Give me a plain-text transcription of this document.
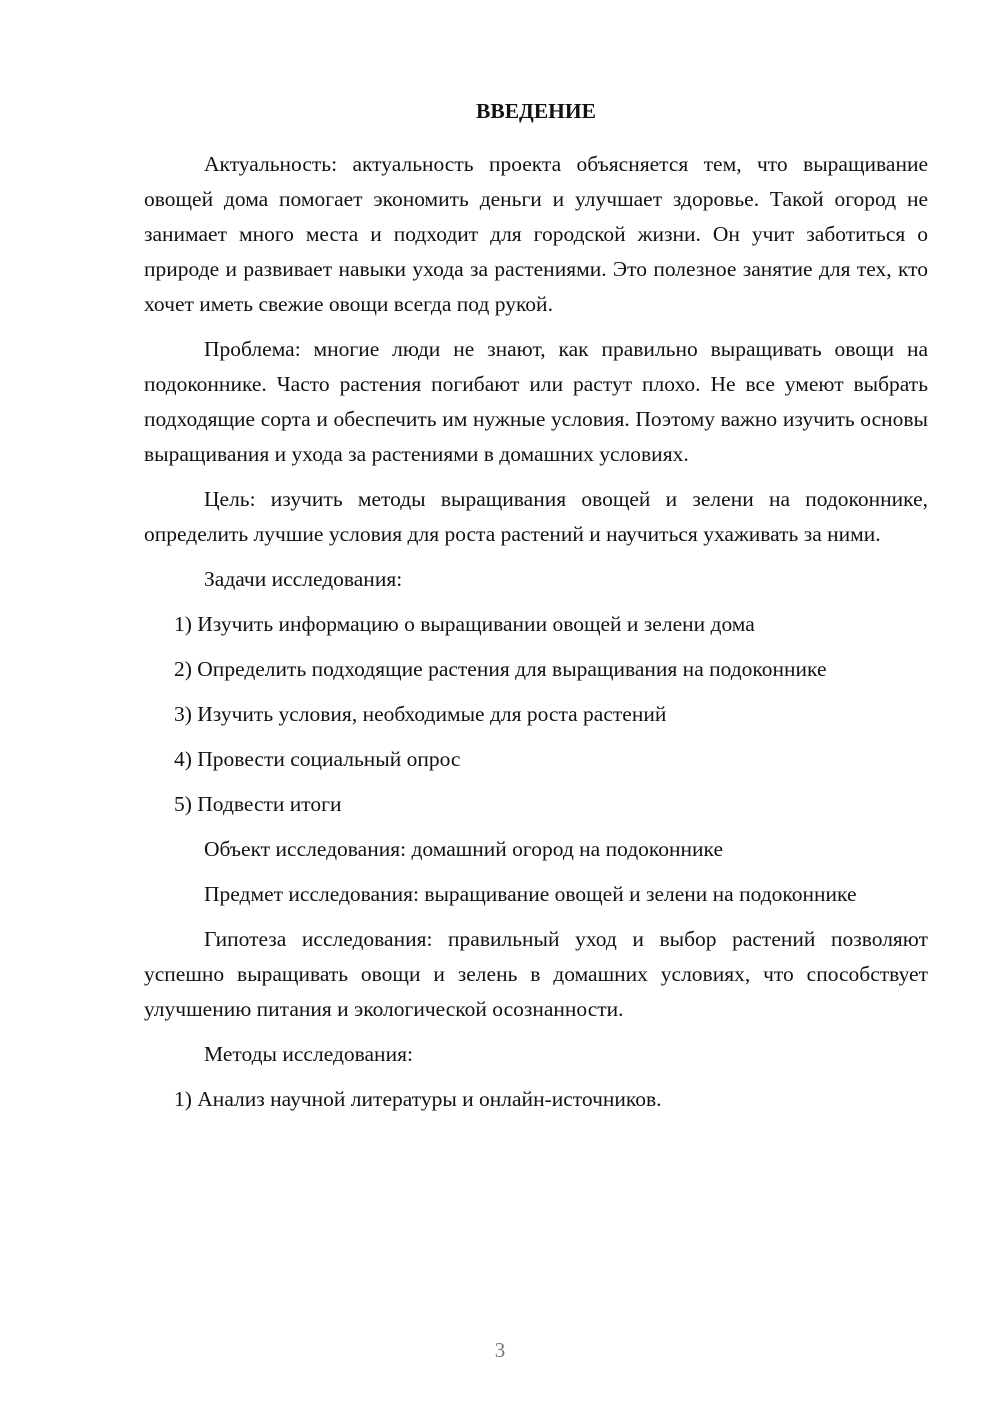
ВВЕДЕНИЕ

Актуальность: актуальность проекта объясняется тем, что выращивание овощей дома помогает экономить деньги и улучшает здоровье. Такой огород не занимает много места и подходит для городской жизни. Он учит заботиться о природе и развивает навыки ухода за растениями. Это полезное занятие для тех, кто хочет иметь свежие овощи всегда под рукой.

Проблема: многие люди не знают, как правильно выращивать овощи на подоконнике. Часто растения погибают или растут плохо. Не все умеют выбрать подходящие сорта и обеспечить им нужные условия. Поэтому важно изучить основы выращивания и ухода за растениями в домашних условиях.

Цель: изучить методы выращивания овощей и зелени на подоконнике, определить лучшие условия для роста растений и научиться ухаживать за ними.

Задачи исследования:

1) Изучить информацию о выращивании овощей и зелени дома

2) Определить подходящие растения для выращивания на подоконнике

3) Изучить условия, необходимые для роста растений

4) Провести социальный опрос

5) Подвести итоги

Объект исследования: домашний огород на подоконнике

Предмет исследования: выращивание овощей и зелени на подоконнике

Гипотеза исследования: правильный уход и выбор растений позволяют успешно выращивать овощи и зелень в домашних условиях, что способствует улучшению питания и экологической осознанности.

Методы исследования:

1) Анализ научной литературы и онлайн-источников.

3
